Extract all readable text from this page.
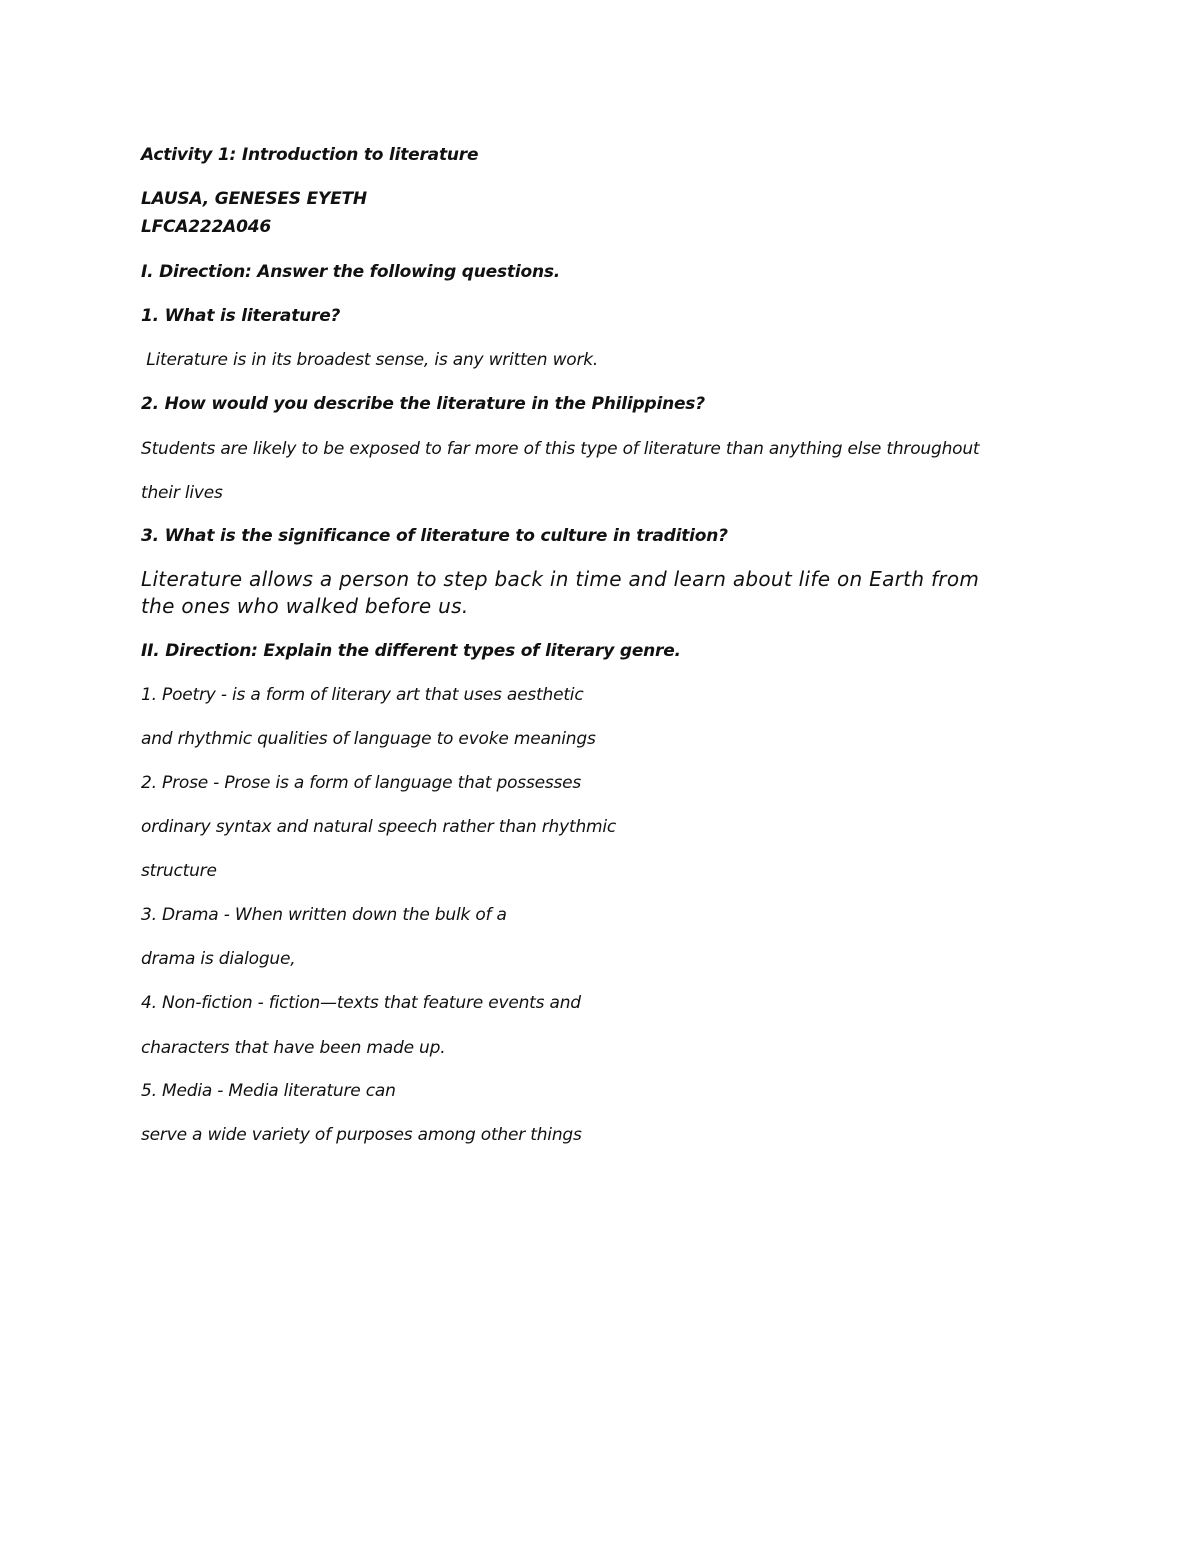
Activity 1: Introduction to literature
LAUSA, GENESES EYETH
LFCA222A046
I. Direction: Answer the following questions.
1. What is literature?
Literature is in its broadest sense, is any written work.
2. How would you describe the literature in the Philippines?
Students are likely to be exposed to far more of this type of literature than anything else throughout
their lives
3. What is the significance of literature to culture in tradition?
Literature allows a person to step back in time and learn about life on Earth from
the ones who walked before us.
II. Direction: Explain the different types of literary genre.
1. Poetry - is a form of literary art that uses aesthetic
and rhythmic qualities of language to evoke meanings
2. Prose - Prose is a form of language that possesses
ordinary syntax and natural speech rather than rhythmic
structure
3. Drama - When written down the bulk of a
drama is dialogue,
4. Non-fiction - fiction—texts that feature events and
characters that have been made up.
5. Media - Media literature can
serve a wide variety of purposes among other things
